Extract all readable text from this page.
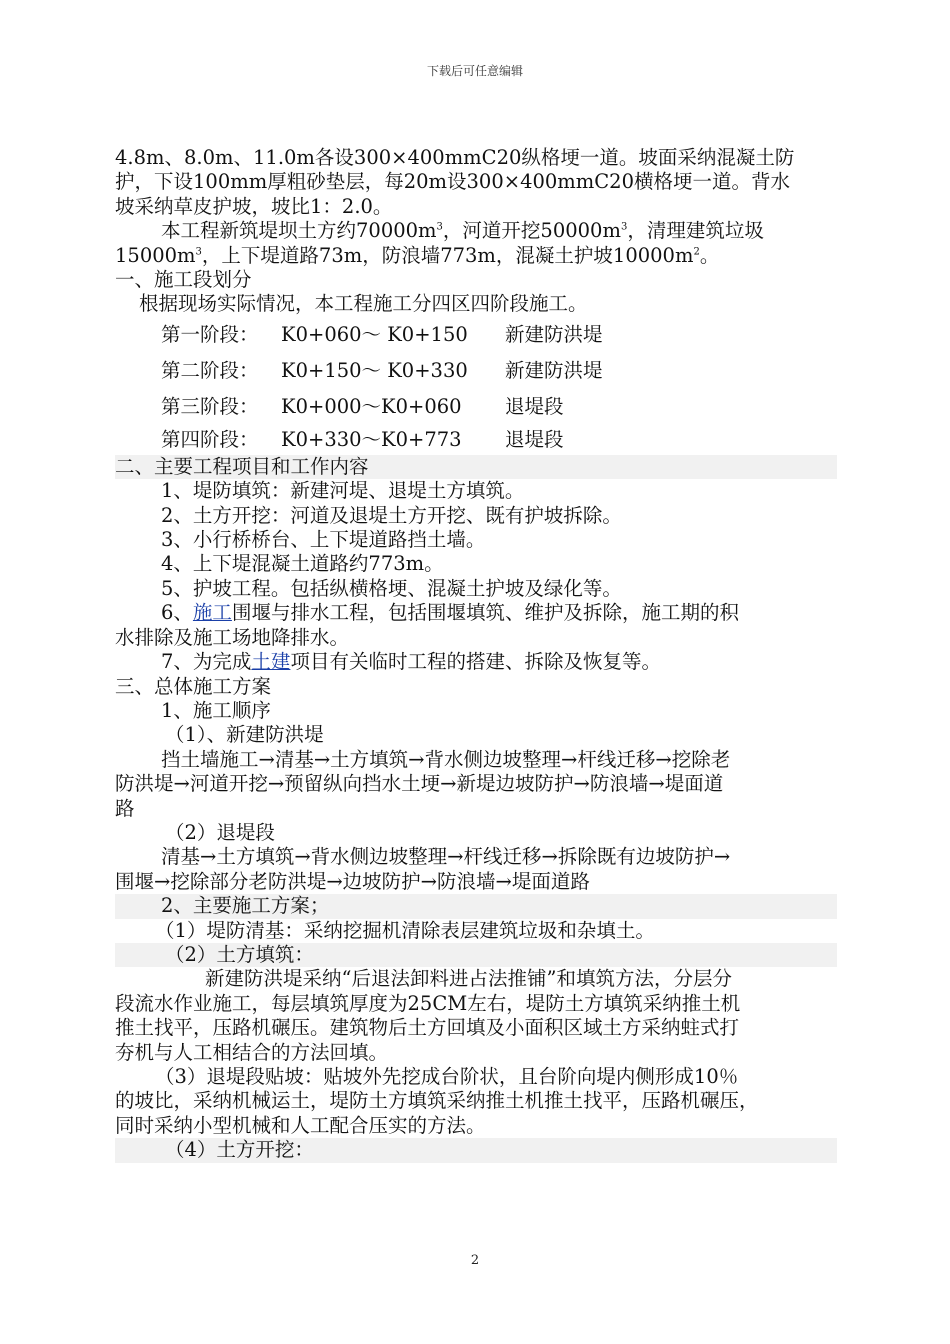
下载后可任意编辑

4.8m、8.0m、11.0m各设300×400mmC20纵格埂一道。坡面采纳混凝土防

护，下设100mm厚粗砂垫层，每20m设300×400mmC20横格埂一道。背水

坡采纳草皮护坡，坡比1：2.0。

本工程新筑堤坝土方约$70000m^3$，河道开挖$50000m^3$，清理建筑垃圾

$15000m^3$，上下堤道路73m，防浪墙773m，混凝土护坡$10000m^2$。

一、施工段划分

根据现场实际情况，本工程施工分四区四阶段施工。

第一阶段：	K0+060～ K0+150	新建防洪堤
第二阶段：	K0+150～ K0+330	新建防洪堤
第三阶段：	K0+000～K0+060	退堤段
第四阶段：	K0+330～K0+773	退堤段

二、主要工程项目和工作内容

1、堤防填筑：新建河堤、退堤土方填筑。

2、土方开挖：河道及退堤土方开挖、既有护坡拆除。

3、小行桥桥台、上下堤道路挡土墙。

4、上下堤混凝土道路约773m。

5、护坡工程。包括纵横格埂、混凝土护坡及绿化等。

6、施工围堰与排水工程，包括围堰填筑、维护及拆除，施工期的积

水排除及施工场地降排水。

7、为完成土建项目有关临时工程的搭建、拆除及恢复等。

三、总体施工方案

1、施工顺序

（1）、新建防洪堤

挡土墙施工→清基→土方填筑→背水侧边坡整理→杆线迁移→挖除老

防洪堤→河道开挖→预留纵向挡水土埂→新堤边坡防护→防浪墙→堤面道

路

（2）退堤段

清基→土方填筑→背水侧边坡整理→杆线迁移→拆除既有边坡防护→

围堰→挖除部分老防洪堤→边坡防护→防浪墙→堤面道路

2、主要施工方案；

（1）堤防清基：采纳挖掘机清除表层建筑垃圾和杂填土。

（2）土方填筑：

新建防洪堤采纳“后退法卸料进占法推铺”和填筑方法，分层分

段流水作业施工，每层填筑厚度为25CM左右，堤防土方填筑采纳推土机

推土找平，压路机碾压。建筑物后土方回填及小面积区域土方采纳蛀式打

夯机与人工相结合的方法回填。

（3）退堤段贴坡：贴坡外先挖成台阶状，且台阶向堤内侧形成10％

的坡比，采纳机械运土，堤防土方填筑采纳推土机推土找平，压路机碾压，

同时采纳小型机械和人工配合压实的方法。

（4）土方开挖：

2
